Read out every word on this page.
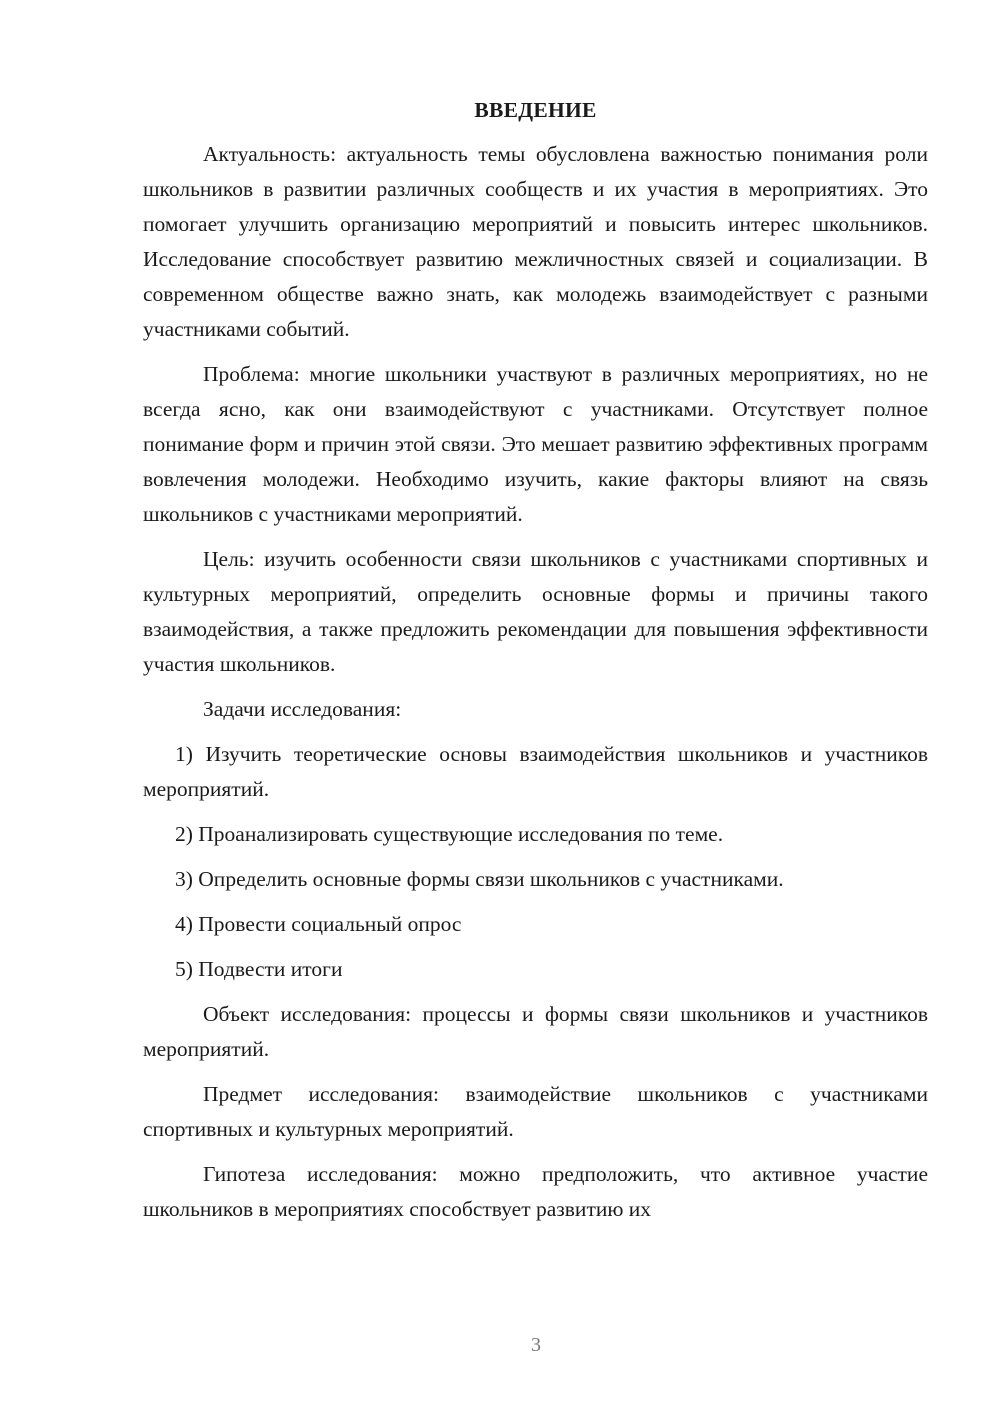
ВВЕДЕНИЕ

Актуальность: актуальность темы обусловлена важностью понимания роли школьников в развитии различных сообществ и их участия в мероприятиях. Это помогает улучшить организацию мероприятий и повысить интерес школьников. Исследование способствует развитию межличностных связей и социализации. В современном обществе важно знать, как молодежь взаимодействует с разными участниками событий.

Проблема: многие школьники участвуют в различных мероприятиях, но не всегда ясно, как они взаимодействуют с участниками. Отсутствует полное понимание форм и причин этой связи. Это мешает развитию эффективных программ вовлечения молодежи. Необходимо изучить, какие факторы влияют на связь школьников с участниками мероприятий.

Цель: изучить особенности связи школьников с участниками спортивных и культурных мероприятий, определить основные формы и причины такого взаимодействия, а также предложить рекомендации для повышения эффективности участия школьников.

Задачи исследования:

1) Изучить теоретические основы взаимодействия школьников и участников мероприятий.

2) Проанализировать существующие исследования по теме.

3) Определить основные формы связи школьников с участниками.

4) Провести социальный опрос

5) Подвести итоги

Объект исследования: процессы и формы связи школьников и участников мероприятий.

Предмет исследования: взаимодействие школьников с участниками спортивных и культурных мероприятий.

Гипотеза исследования: можно предположить, что активное участие школьников в мероприятиях способствует развитию их

3
